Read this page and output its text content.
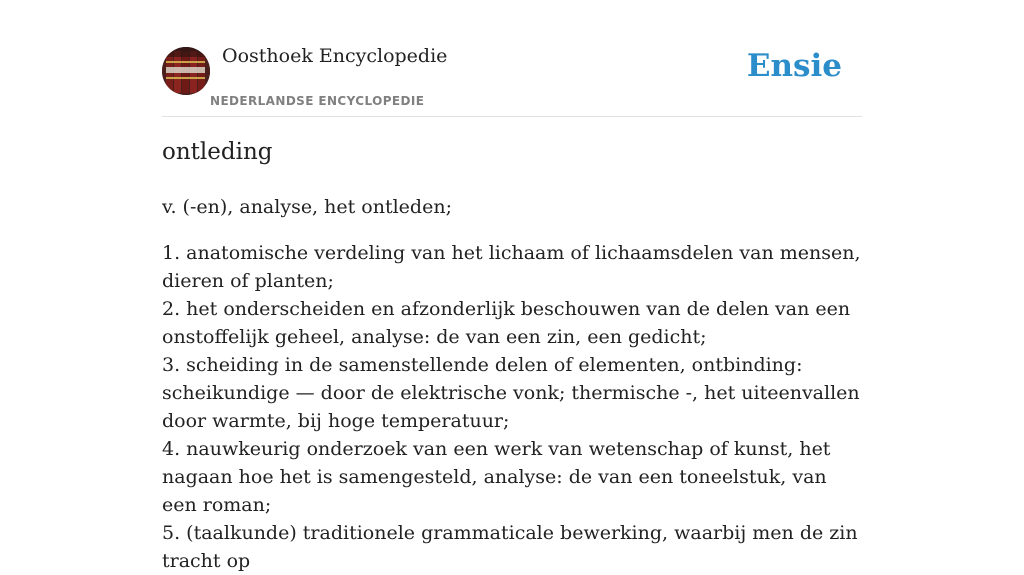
Oosthoek Encyclopedie
NEDERLANDSE ENCYCLOPEDIE
Ensie
ontleding

v. (-en), analyse, het ontleden;

1. anatomische verdeling van het lichaam of lichaamsdelen van mensen, dieren of planten;
2. het onderscheiden en afzonderlijk beschouwen van de delen van een onstoffelijk geheel, analyse: de van een zin, een gedicht;
3. scheiding in de samenstellende delen of elementen, ontbinding: scheikundige — door de elektrische vonk; thermische -, het uiteenvallen door warmte, bij hoge temperatuur;
4. nauwkeurig onderzoek van een werk van wetenschap of kunst, het nagaan hoe het is samengesteld, analyse: de van een toneelstuk, van een roman;
5. (taalkunde) traditionele grammaticale bewerking, waarbij men de zin tracht op
